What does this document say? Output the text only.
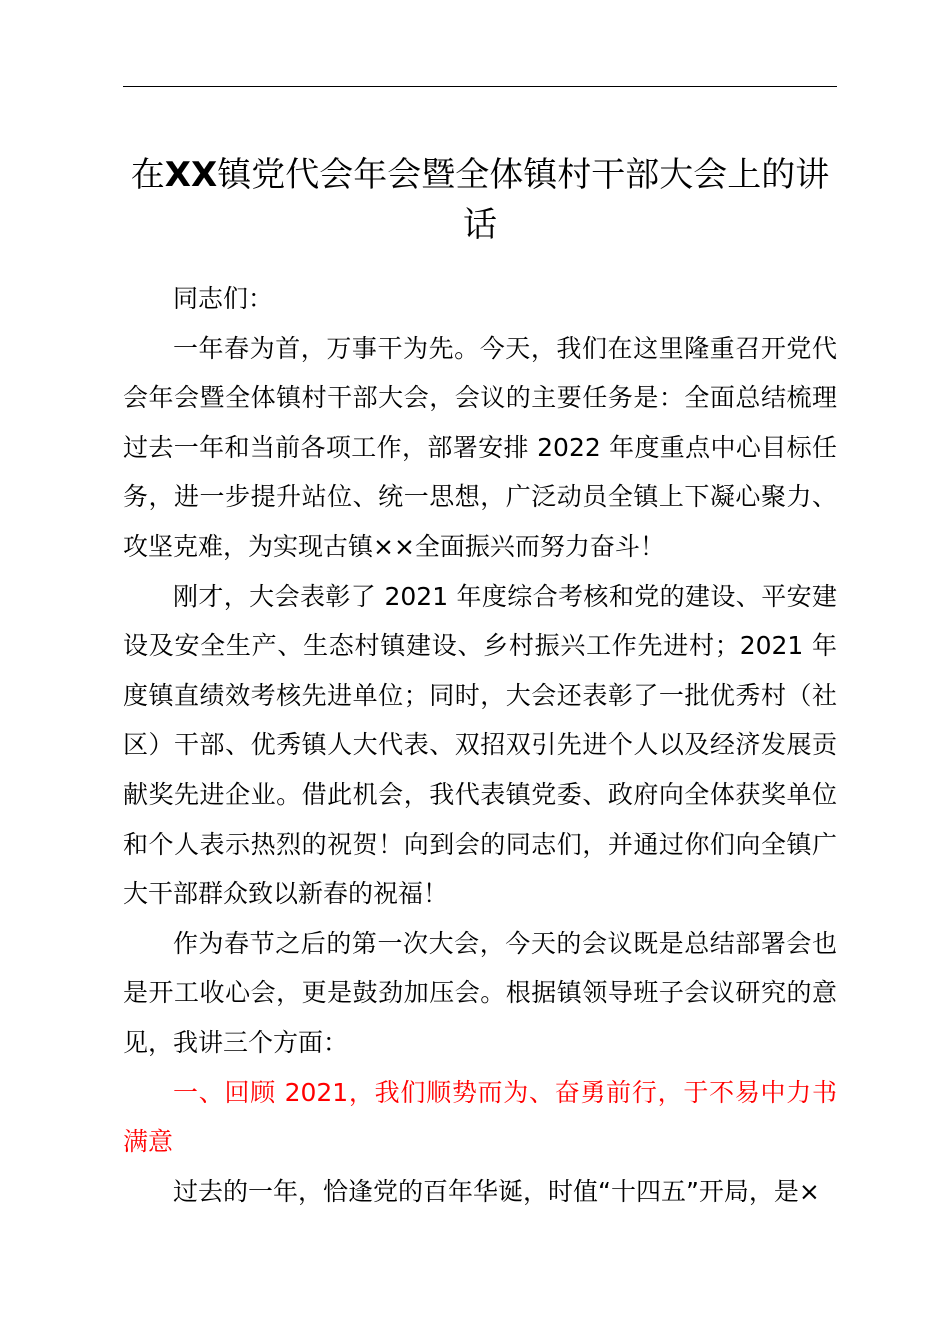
在XX镇党代会年会暨全体镇村干部大会上的讲话

同志们：

一年春为首，万事干为先。今天，我们在这里隆重召开党代会年会暨全体镇村干部大会，会议的主要任务是：全面总结梳理过去一年和当前各项工作，部署安排 2022 年度重点中心目标任务，进一步提升站位、统一思想，广泛动员全镇上下凝心聚力、攻坚克难，为实现古镇××全面振兴而努力奋斗！

刚才，大会表彰了 2021 年度综合考核和党的建设、平安建设及安全生产、生态村镇建设、乡村振兴工作先进村；2021 年度镇直绩效考核先进单位；同时，大会还表彰了一批优秀村（社区）干部、优秀镇人大代表、双招双引先进个人以及经济发展贡献奖先进企业。借此机会，我代表镇党委、政府向全体获奖单位和个人表示热烈的祝贺！向到会的同志们，并通过你们向全镇广大干部群众致以新春的祝福！

作为春节之后的第一次大会，今天的会议既是总结部署会也是开工收心会，更是鼓劲加压会。根据镇领导班子会议研究的意见，我讲三个方面：

一、回顾 2021，我们顺势而为、奋勇前行，于不易中力书满意

过去的一年，恰逢党的百年华诞，时值“十四五”开局，是×
